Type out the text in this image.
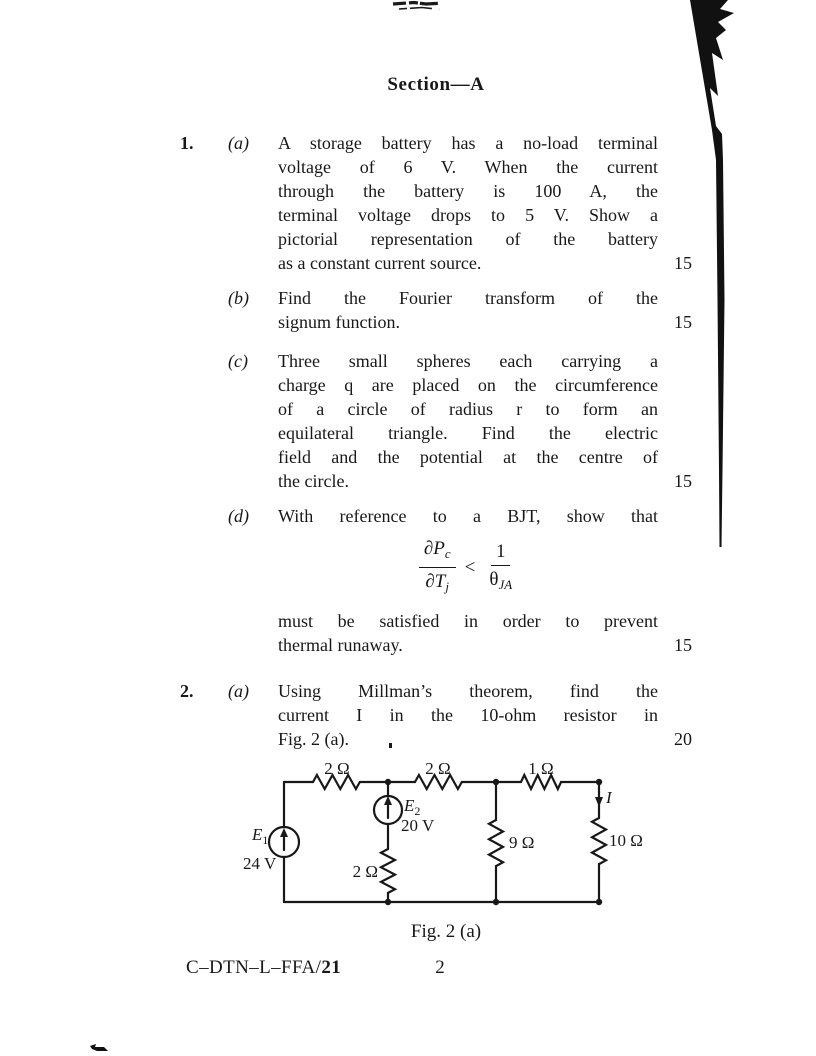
Section—A
1.	(a)	A storage battery has a no-load terminal
voltage of 6 V. When the current
through the battery is 100 A, the
terminal voltage drops to 5 V. Show a
pictorial representation of the battery
as a constant current source.	15
(b)	Find the Fourier transform of the
signum function.	15
(c)	Three small spheres each carrying a
charge q are placed on the circumference
of a circle of radius r to form an
equilateral triangle. Find the electric
field and the potential at the centre of
the circle.	15
(d)	With reference to a BJT, show that
$\frac{\partial P_c}{\partial T_j} < \frac{1}{\theta_{JA}}$
must be satisfied in order to prevent
thermal runaway.	15
2.	(a)	Using Millman’s theorem, find the
current I in the 10-ohm resistor in
Fig. 2 (a).	20
2 Ω	2 Ω	1 Ω
2 Ω
9 Ω	10 Ω
$E_1$
24 V
$E_2$
20 V
I
Fig. 2 (a)
C–DTN–L–FFA/21	2
